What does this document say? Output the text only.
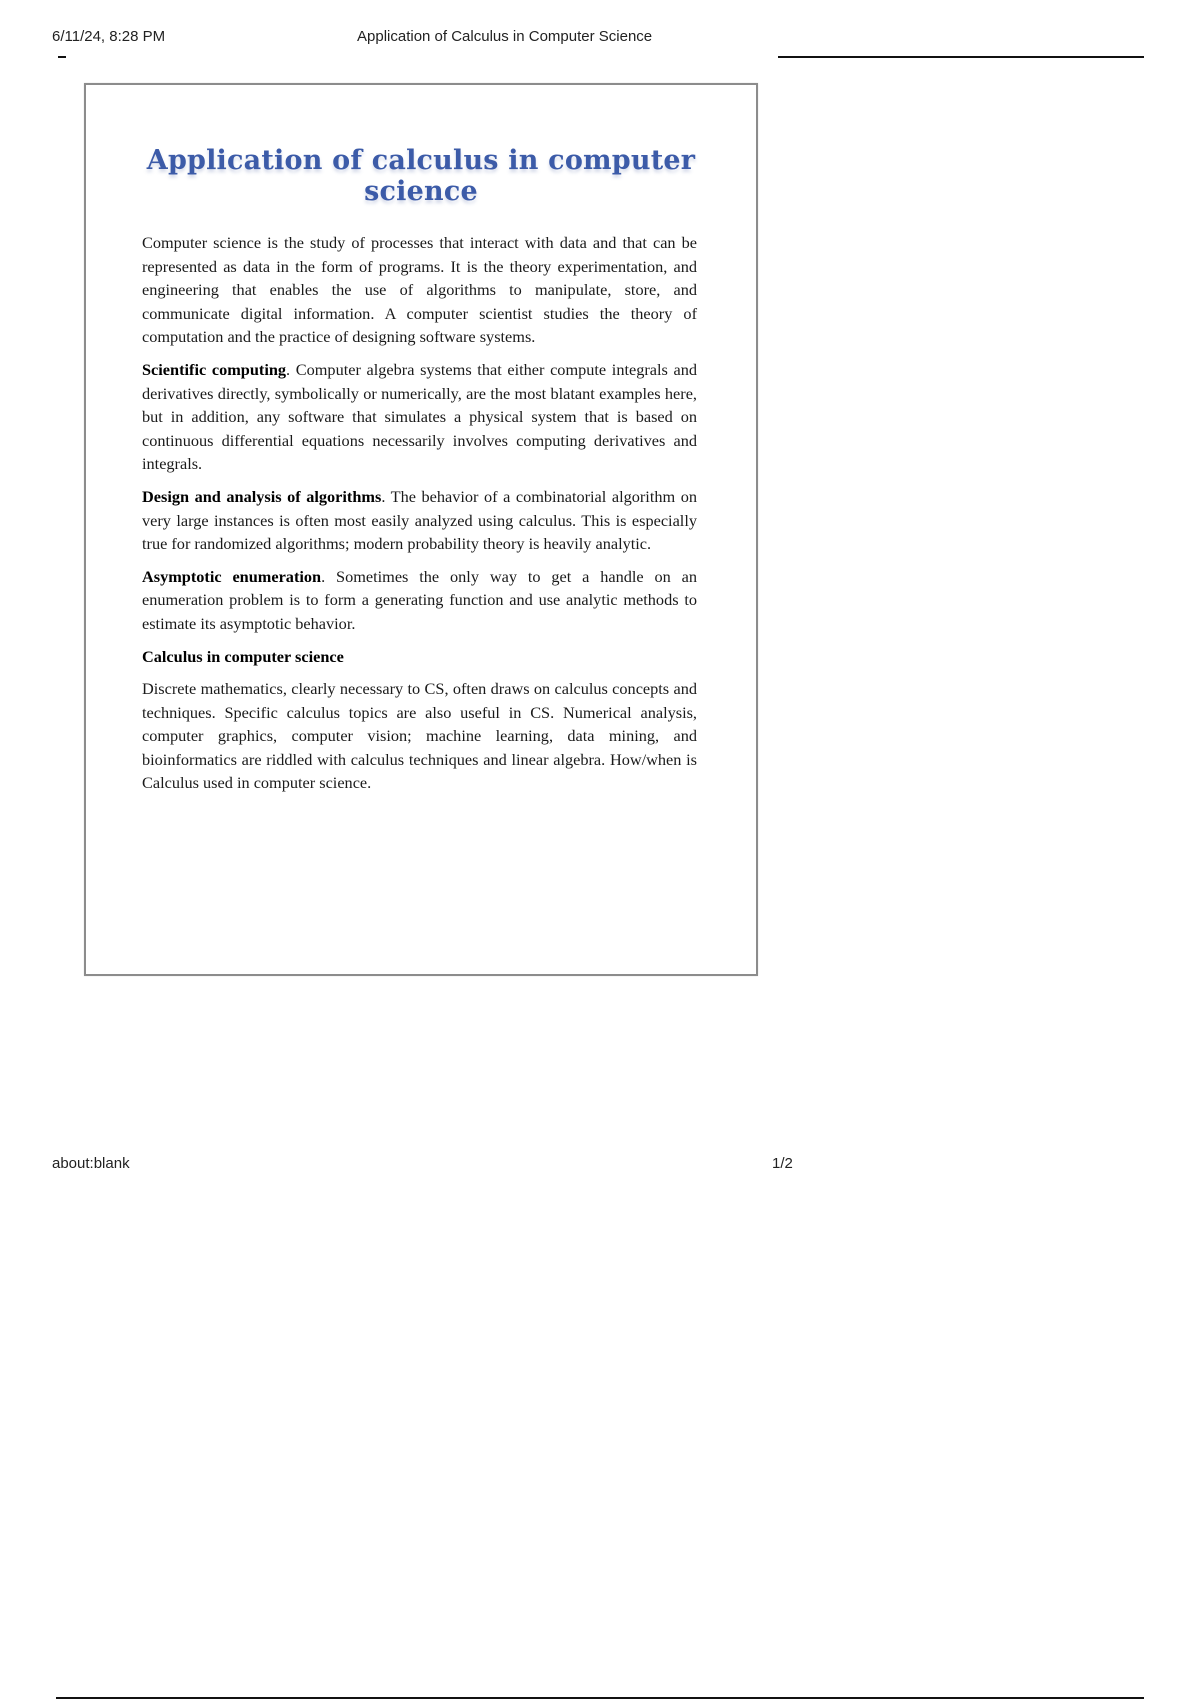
6/11/24, 8:28 PM	Application of Calculus in Computer Science
Application of calculus in computer science

Computer science is the study of processes that interact with data and that can be represented as data in the form of programs. It is the theory experimentation, and engineering that enables the use of algorithms to manipulate, store, and communicate digital information. A computer scientist studies the theory of computation and the practice of designing software systems.

Scientific computing. Computer algebra systems that either compute integrals and derivatives directly, symbolically or numerically, are the most blatant examples here, but in addition, any software that simulates a physical system that is based on continuous differential equations necessarily involves computing derivatives and integrals.

Design and analysis of algorithms. The behavior of a combinatorial algorithm on very large instances is often most easily analyzed using calculus. This is especially true for randomized algorithms; modern probability theory is heavily analytic.

Asymptotic enumeration. Sometimes the only way to get a handle on an enumeration problem is to form a generating function and use analytic methods to estimate its asymptotic behavior.

Calculus in computer science

Discrete mathematics, clearly necessary to CS, often draws on calculus concepts and techniques. Specific calculus topics are also useful in CS. Numerical analysis, computer graphics, computer vision; machine learning, data mining, and bioinformatics are riddled with calculus techniques and linear algebra. How/when is Calculus used in computer science.

about:blank	1/2
